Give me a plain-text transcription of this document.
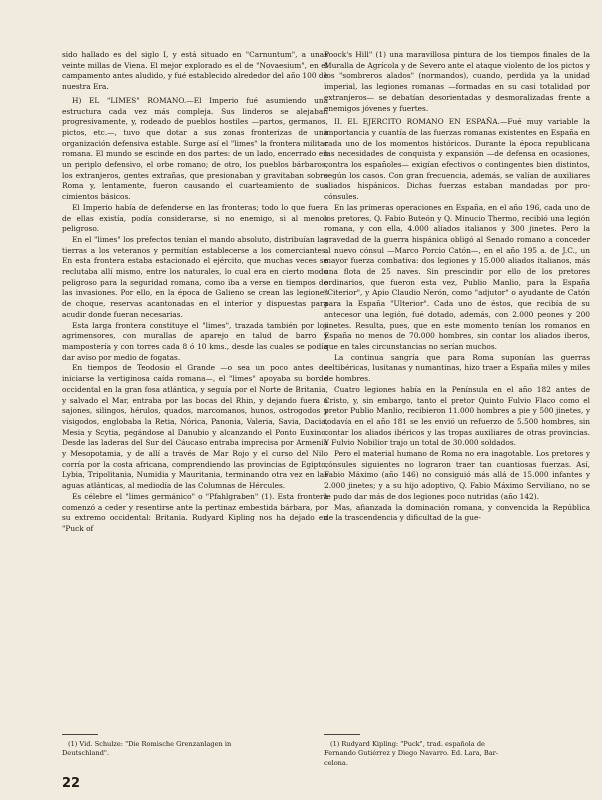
sido hallado es del siglo I, y está situado en "Carnuntum", a unas veinte millas de Viena. El mejor explorado es el de "Novaesium", en el campamento antes aludido, y fué establecido alrededor del año 100 de nuestra Era.

H) EL "LIMES" ROMANO.—El Imperio fué asumiendo una estructura cada vez más compleja. Sus linderos se alejaban progresivamente, y, rodeado de pueblos hostiles —partos, germanos, pictos, etc.—, tuvo que dotar a sus zonas fronterizas de una organización defensiva estable. Surge así el "limes" la frontera militar romana. El mundo se escinde en dos partes: de un lado, encerrado en un periplo defensivo, el orbe romano; de otro, los pueblos bárbaros, los extranjeros, gentes extrañas, que presionaban y gravitaban sobre Roma y, lentamente, fueron causando el cuarteamiento de sus cimientos básicos.

El Imperio había de defenderse en las fronteras; todo lo que fuera de ellas existía, podía considerarse, si no enemigo, si al menos peligroso.

En el "limes" los prefectos tenían el mando absoluto, distribuían las tierras a los veteranos y permitían establecerse a los comerciantes. En esta frontera estaba estacionado el ejército, que muchas veces se reclutaba allí mismo, entre los naturales, lo cual era en cierto modo peligroso para la seguridad romana, como iba a verse en tiempos de las invasiones. Por ello, en la época de Galieno se crean las legiones de choque, reservas acantonadas en el interior y dispuestas para acudir donde fueran necesarias.

Esta larga frontera constituye el "limes", trazada también por los agrimensores, con murallas de aparejo en talud de barro y mampostería y con torres cada 8 ó 10 kms., desde las cuales se podía dar aviso por medio de fogatas.

En tiempos de Teodosio el Grande —o sea un poco antes de iniciarse la vertiginosa caída romana—, el "limes" apoyaba su borde occidental en la gran fosa atlántica, y seguía por el Norte de Britania, y salvado el Mar, entraba por las bocas del Rhin, y dejando fuera a sajones, silingos, hérulos, quados, marcomanos, hunos, ostrogodos y visigodos, englobaba la Retia, Nórica, Panonia, Valeria, Savia, Dacia, Mesia y Scytia, pegándose al Danubio y alcanzando el Ponto Euxino. Desde las laderas del Sur del Cáucaso entraba imprecisa por Armenia y Mesopotamia, y de allí a través de Mar Rojo y el curso del Nilo corría por la costa africana, comprendiendo las provincias de Egipto, Lybia, Tripolitania, Numidia y Mauritania, terminando otra vez en las aguas atlánticas, al mediodía de las Columnas de Hércules.

Es célebre el "limes germánico" o "Pfahlgraben" (1). Esta frontera comenzó a ceder y resentirse ante la pertinaz embestida bárbara, por su extremo occidental: Britania. Rudyard Kipling nos ha dejado en "Puck of

Poock's Hill" (1) una maravillosa pintura de los tiempos finales de la Muralla de Agrícola y de Severo ante el ataque violento de los pictos y los "sombreros alados" (normandos), cuando, perdida ya la unidad imperial, las legiones romanas —formadas en su casi totalidad por extranjeros— se debatían desorientadas y desmoralizadas frente a enemigos jóvenes y fuertes.

II. EL EJERCITO ROMANO EN ESPAÑA.—Fué muy variable la importancia y cuantía de las fuerzas romanas existentes en España en cada uno de los momentos históricos. Durante la época republicana las necesidades de conquista y expansión —de defensa en ocasiones, contra los españoles— exigían efectivos o contingentes bien distintos, según los casos. Con gran frecuencia, además, se valían de auxiliares aliados hispánicos. Dichas fuerzas estaban mandadas por pro-cónsules.

En las primeras operaciones en España, en el año 196, cada uno de los pretores, Q. Fabio Buteón y Q. Minucio Thermo, recibió una legión romana, y con ella, 4.000 aliados italianos y 300 jinetes. Pero la gravedad de la guerra hispánica obligó al Senado romano a conceder al nuevo cónsul —Marco Porcio Catón—, en el año 195 a. de J.C., un mayor fuerza combativa: dos legiones y 15.000 aliados italianos, más una flota de 25 naves. Sin prescindir por ello de los pretores ordinarios, que fueron esta vez, Publio Manlio, para la España "Citerior", y Apio Claudio Nerón, como "adjutor" o ayudante de Catón para la España "Ulterior". Cada uno de éstos, que recibía de su antecesor una legión, fué dotado, además, con 2.000 peones y 200 jinetes. Resulta, pues, que en este momento tenían los romanos en España no menos de 70.000 hombres, sin contar los aliados iberos, que en tales circunstancias no serían muchos.

La continua sangría que para Roma suponían las guerras celtibéricas, lusitanas y numantinas, hizo traer a España miles y miles de hombres.

Cuatro legiones había en la Península en el año 182 antes de Cristo, y, sin embargo, tanto el pretor Quinto Fulvio Flaco como el pretor Publio Manlio, recibieron 11.000 hombres a pie y 500 jinetes, y todavía en el año 181 se les envió un refuerzo de 5.500 hombres, sin contar los aliados ibéricos y las tropas auxiliares de otras provincias. Y Fulvio Nobilior trajo un total de 30.000 soldados.

Pero el material humano de Roma no era inagotable. Los pretores y cónsules siguientes no lograron traer tan cuantiosas fuerzas. Así, Fabio Máximo (año 146) no consiguió más allá de 15.000 infantes y 2.000 jinetes; y a su hijo adoptivo, Q. Fabio Máximo Serviliano, no se le pudo dar más de dos legiones poco nutridas (año 142).

Mas, afianzada la dominación romana, y convencida la República de la trascendencia y dificultad de la gue-

(1) Vid. Schulze: "Die Romische Grenzanlagen in
Deutschland".
(1) Rudyard Kipling: "Puck", trad. española de
Fernando Gutiérrez y Diego Navarro. Ed. Lara, Bar-
celona.
22
